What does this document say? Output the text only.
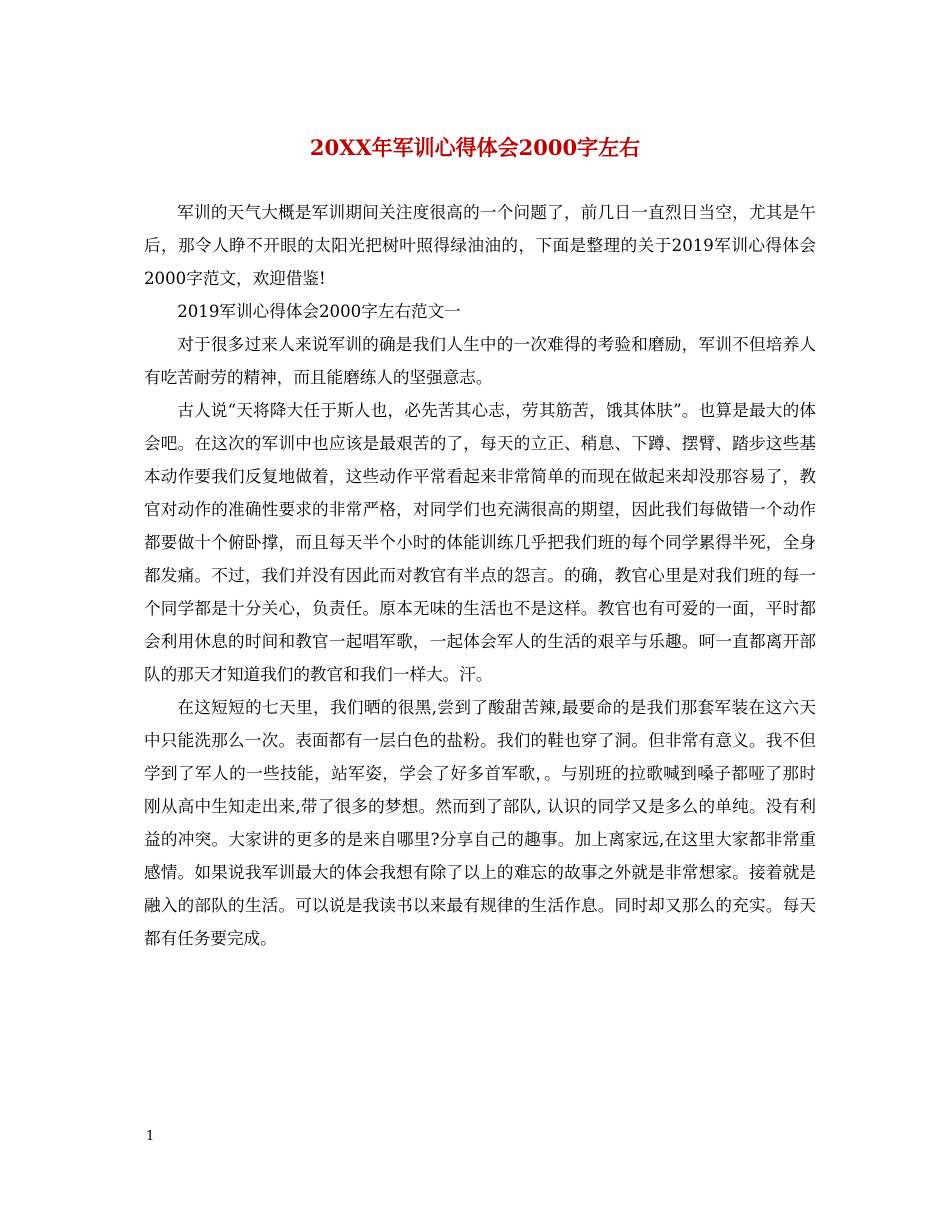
20XX年军训心得体会2000字左右

军训的天气大概是军训期间关注度很高的一个问题了，前几日一直烈日当空，尤其是午后，那令人睁不开眼的太阳光把树叶照得绿油油的，下面是整理的关于2019军训心得体会2000字范文，欢迎借鉴!

2019军训心得体会2000字左右范文一

对于很多过来人来说军训的确是我们人生中的一次难得的考验和磨励，军训不但培养人有吃苦耐劳的精神，而且能磨练人的坚强意志。

古人说“天将降大任于斯人也，必先苦其心志，劳其筋苦，饿其体肤”。也算是最大的体会吧。在这次的军训中也应该是最艰苦的了，每天的立正、稍息、下蹲、摆臂、踏步这些基本动作要我们反复地做着，这些动作平常看起来非常简单的而现在做起来却没那容易了，教官对动作的准确性要求的非常严格，对同学们也充满很高的期望，因此我们每做错一个动作都要做十个俯卧撑，而且每天半个小时的体能训练几乎把我们班的每个同学累得半死，全身都发痛。不过，我们并没有因此而对教官有半点的怨言。的确，教官心里是对我们班的每一个同学都是十分关心，负责任。原本无味的生活也不是这样。教官也有可爱的一面，平时都会利用休息的时间和教官一起唱军歌，一起体会军人的生活的艰辛与乐趣。呵一直都离开部队的那天才知道我们的教官和我们一样大。汗。

在这短短的七天里，我们晒的很黑,尝到了酸甜苦辣,最要命的是我们那套军装在这六天中只能洗那么一次。表面都有一层白色的盐粉。我们的鞋也穿了洞。但非常有意义。我不但学到了军人的一些技能，站军姿，学会了好多首军歌，。与别班的拉歌喊到嗓子都哑了那时刚从高中生知走出来,带了很多的梦想。然而到了部队, 认识的同学又是多么的单纯。没有利益的冲突。大家讲的更多的是来自哪里?分享自己的趣事。加上离家远,在这里大家都非常重感情。如果说我军训最大的体会我想有除了以上的难忘的故事之外就是非常想家。接着就是融入的部队的生活。可以说是我读书以来最有规律的生活作息。同时却又那么的充实。每天都有任务要完成。

1
